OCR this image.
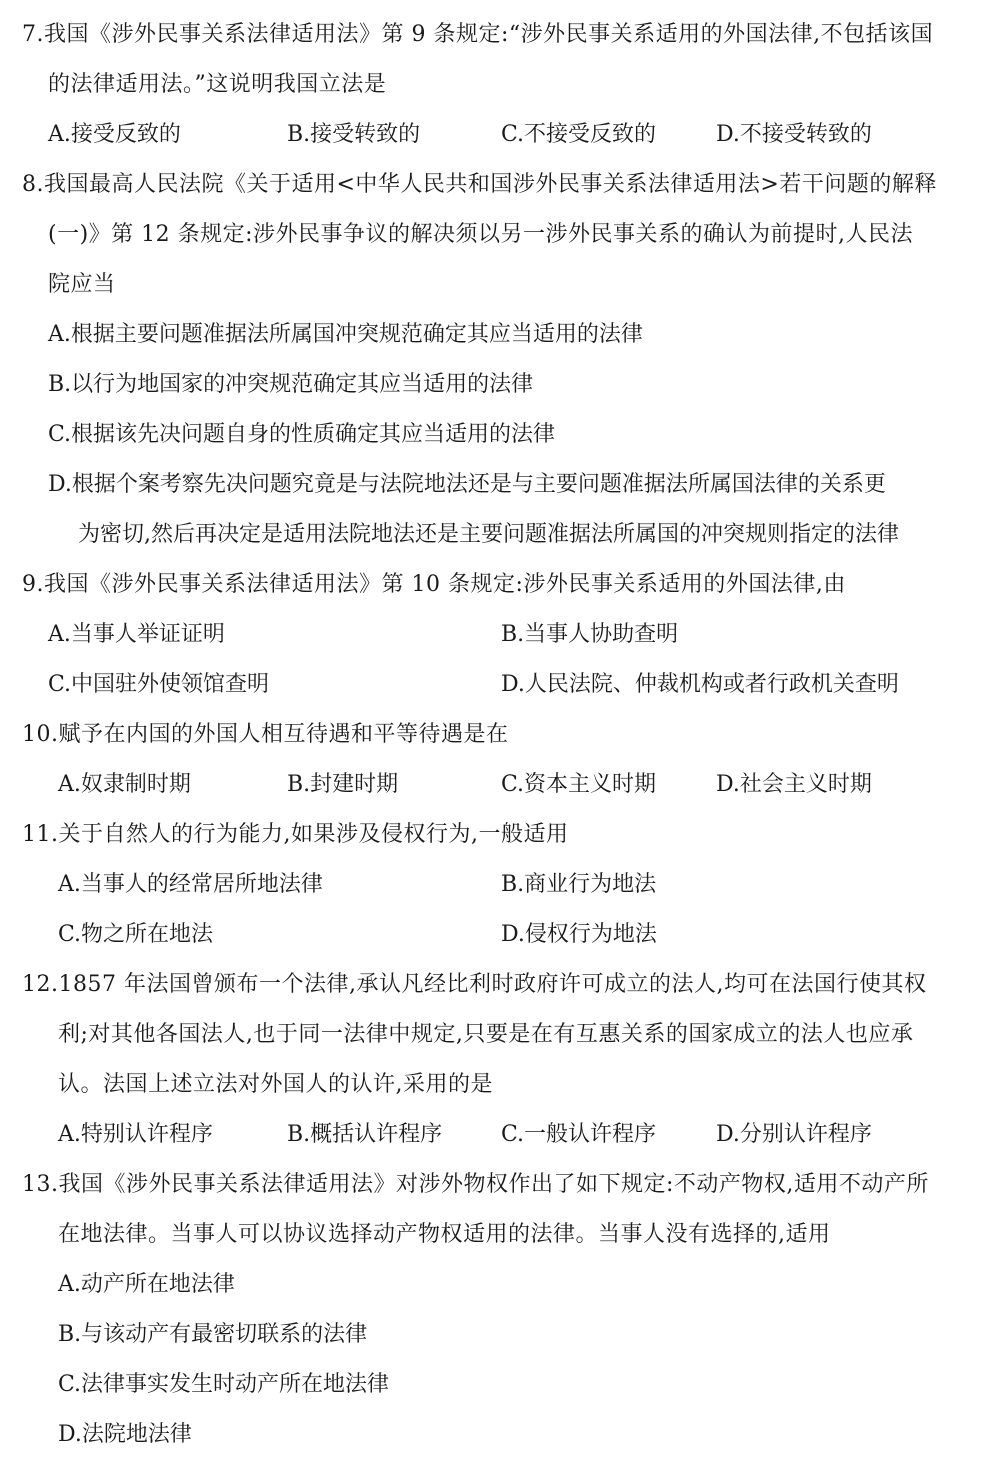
7.我国《涉外民事关系法律适用法》第 9 条规定:“涉外民事关系适用的外国法律,不包括该国
的法律适用法。”这说明我国立法是
A.接受反致的	B.接受转致的	C.不接受反致的	D.不接受转致的
8.我国最高人民法院《关于适用<中华人民共和国涉外民事关系法律适用法>若干问题的解释
(一)》第 12 条规定:涉外民事争议的解决须以另一涉外民事关系的确认为前提时,人民法
院应当
A.根据主要问题准据法所属国冲突规范确定其应当适用的法律
B.以行为地国家的冲突规范确定其应当适用的法律
C.根据该先决问题自身的性质确定其应当适用的法律
D.根据个案考察先决问题究竟是与法院地法还是与主要问题准据法所属国法律的关系更
为密切,然后再决定是适用法院地法还是主要问题准据法所属国的冲突规则指定的法律
9.我国《涉外民事关系法律适用法》第 10 条规定:涉外民事关系适用的外国法律,由
A.当事人举证证明	B.当事人协助查明
C.中国驻外使领馆查明	D.人民法院、仲裁机构或者行政机关查明
10.赋予在内国的外国人相互待遇和平等待遇是在
A.奴隶制时期	B.封建时期	C.资本主义时期	D.社会主义时期
11.关于自然人的行为能力,如果涉及侵权行为,一般适用
A.当事人的经常居所地法律	B.商业行为地法
C.物之所在地法	D.侵权行为地法
12.1857 年法国曾颁布一个法律,承认凡经比利时政府许可成立的法人,均可在法国行使其权
利;对其他各国法人,也于同一法律中规定,只要是在有互惠关系的国家成立的法人也应承
认。法国上述立法对外国人的认许,采用的是
A.特别认许程序	B.概括认许程序	C.一般认许程序	D.分别认许程序
13.我国《涉外民事关系法律适用法》对涉外物权作出了如下规定:不动产物权,适用不动产所
在地法律。当事人可以协议选择动产物权适用的法律。当事人没有选择的,适用
A.动产所在地法律
B.与该动产有最密切联系的法律
C.法律事实发生时动产所在地法律
D.法院地法律
